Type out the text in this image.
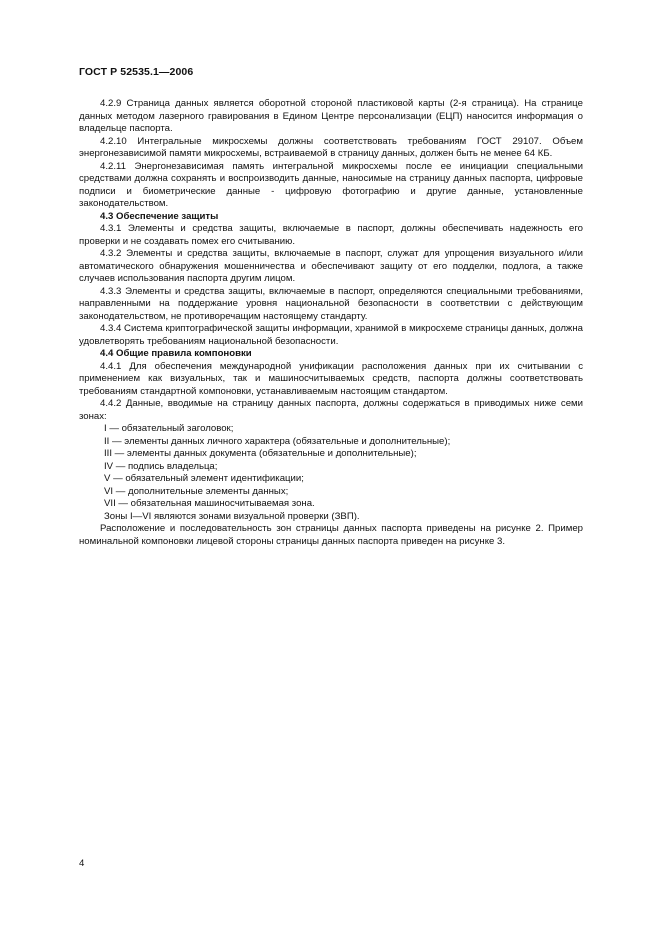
ГОСТ Р 52535.1—2006

4.2.9 Страница данных является оборотной стороной пластиковой карты (2-я страница). На страницe данных методом лазерного гравирования в Едином Центре персонализации (ЕЦП) наносится информация о владельце паспорта.

4.2.10 Интегральные микросхемы должны соответствовать требованиям ГОСТ 29107. Объем энергонезависимой памяти микросхемы, встраиваемой в страницу данных, должен быть не менее 64 КБ.

4.2.11 Энергонезависимая память интегральной микросхемы после ее инициации специальными средствами должна сохранять и воспроизводить данные, наносимые на страницу данных паспорта, цифровые подписи и биометрические данные - цифровую фотографию и другие данные, установленные законодательством.

4.3 Обеспечение защиты

4.3.1 Элементы и средства защиты, включаемые в паспорт, должны обеспечивать надежность его проверки и не создавать помех его считыванию.

4.3.2 Элементы и средства защиты, включаемые в паспорт, служат для упрощения визуального и/или автоматического обнаружения мошенничества и обеспечивают защиту от его подделки, подлога, а также случаев использования паспорта другим лицом.

4.3.3 Элементы и средства защиты, включаемые в паспорт, определяются специальными требованиями, направленными на поддержание уровня национальной безопасности в соответствии с действующим законодательством, не противоречащим настоящему стандарту.

4.3.4 Система криптографической защиты информации, хранимой в микросхеме страницы данных, должна удовлетворять требованиям национальной безопасности.

4.4 Общие правила компоновки

4.4.1 Для обеспечения международной унификации расположения данных при их считывании с применением как визуальных, так и машиносчитываемых средств, паспорта должны соответствовать требованиям стандартной компоновки, устанавливаемым настоящим стандартом.

4.4.2 Данные, вводимые на страницу данных паспорта, должны содержаться в приводимых ниже семи зонах:

I — обязательный заголовок;

II — элементы данных личного характера (обязательные и дополнительные);

III — элементы данных документа (обязательные и дополнительные);

IV — подпись владельца;

V — обязательный элемент идентификации;

VI — дополнительные элементы данных;

VII — обязательная машиносчитываемая зона.

Зоны I—VI являются зонами визуальной проверки (ЗВП).

Расположение и последовательность зон страницы данных паспорта приведены на рисунке 2. Пример номинальной компоновки лицевой стороны страницы данных паспорта приведен на рисунке 3.

4
